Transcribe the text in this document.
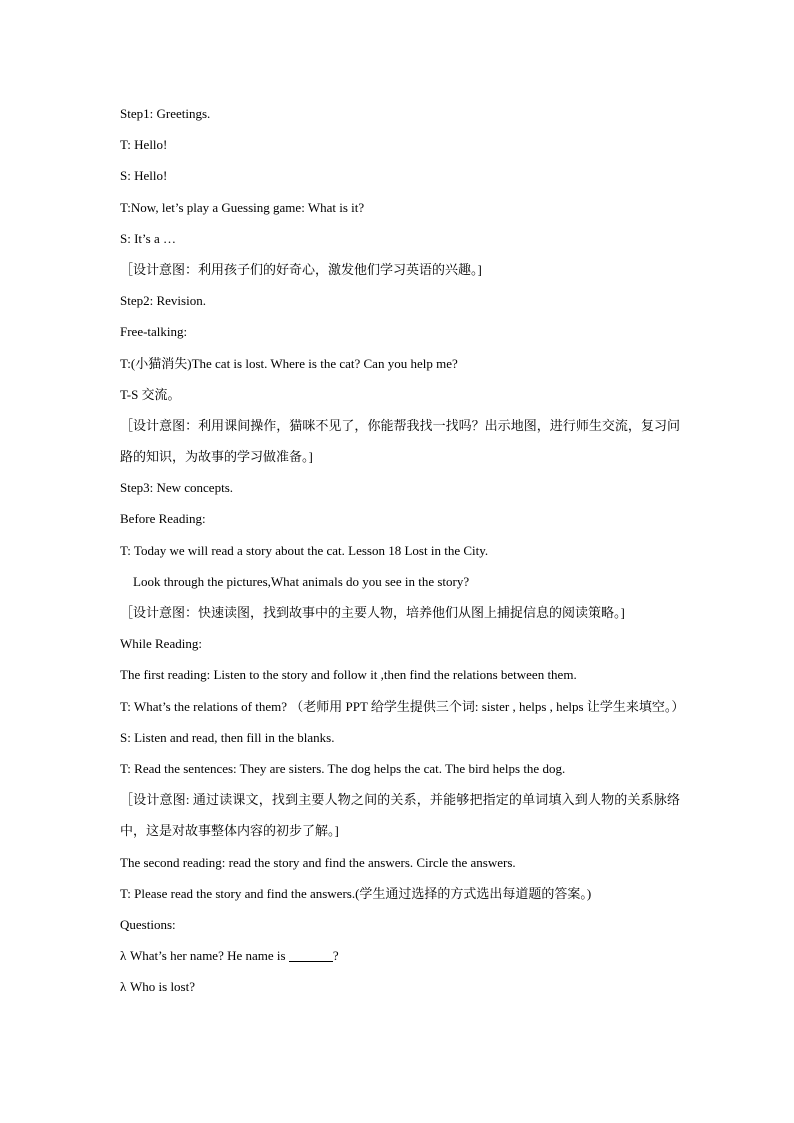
Step1: Greetings.
T: Hello!
S: Hello!
T:Now, let’s play a Guessing game: What is it?
S: It’s a …
［设计意图：利用孩子们的好奇心，激发他们学习英语的兴趣。]
Step2: Revision.
Free-talking:
T:(小猫消失)The cat is lost. Where is the cat? Can you help me?
T-S 交流。
［设计意图：利用课间操作，猫咪不见了，你能帮我找一找吗？出示地图，进行师生交流，复习问路的知识，为故事的学习做准备。]
Step3: New concepts.
Before Reading:
T: Today we will read a story about the cat. Lesson 18 Lost in the City.
Look through the pictures,What animals do you see in the story?
［设计意图：快速读图，找到故事中的主要人物，培养他们从图上捕捉信息的阅读策略。]
While Reading:
The first reading: Listen to the story and follow it ,then find the relations between them.
T: What’s the relations of them? （老师用 PPT 给学生提供三个词: sister , helps , helps 让学生来填空。）
S: Listen and read, then fill in the blanks.
T: Read the sentences: They are sisters. The dog helps the cat. The bird helps the dog.
［设计意图: 通过读课文，找到主要人物之间的关系，并能够把指定的单词填入到人物的关系脉络中，这是对故事整体内容的初步了解。]
The second reading: read the story and find the answers. Circle the answers.
T: Please read the story and find the answers.(学生通过选择的方式选出每道题的答案。)
Questions:
λ What’s her name? He name is	?
λ Who is lost?
